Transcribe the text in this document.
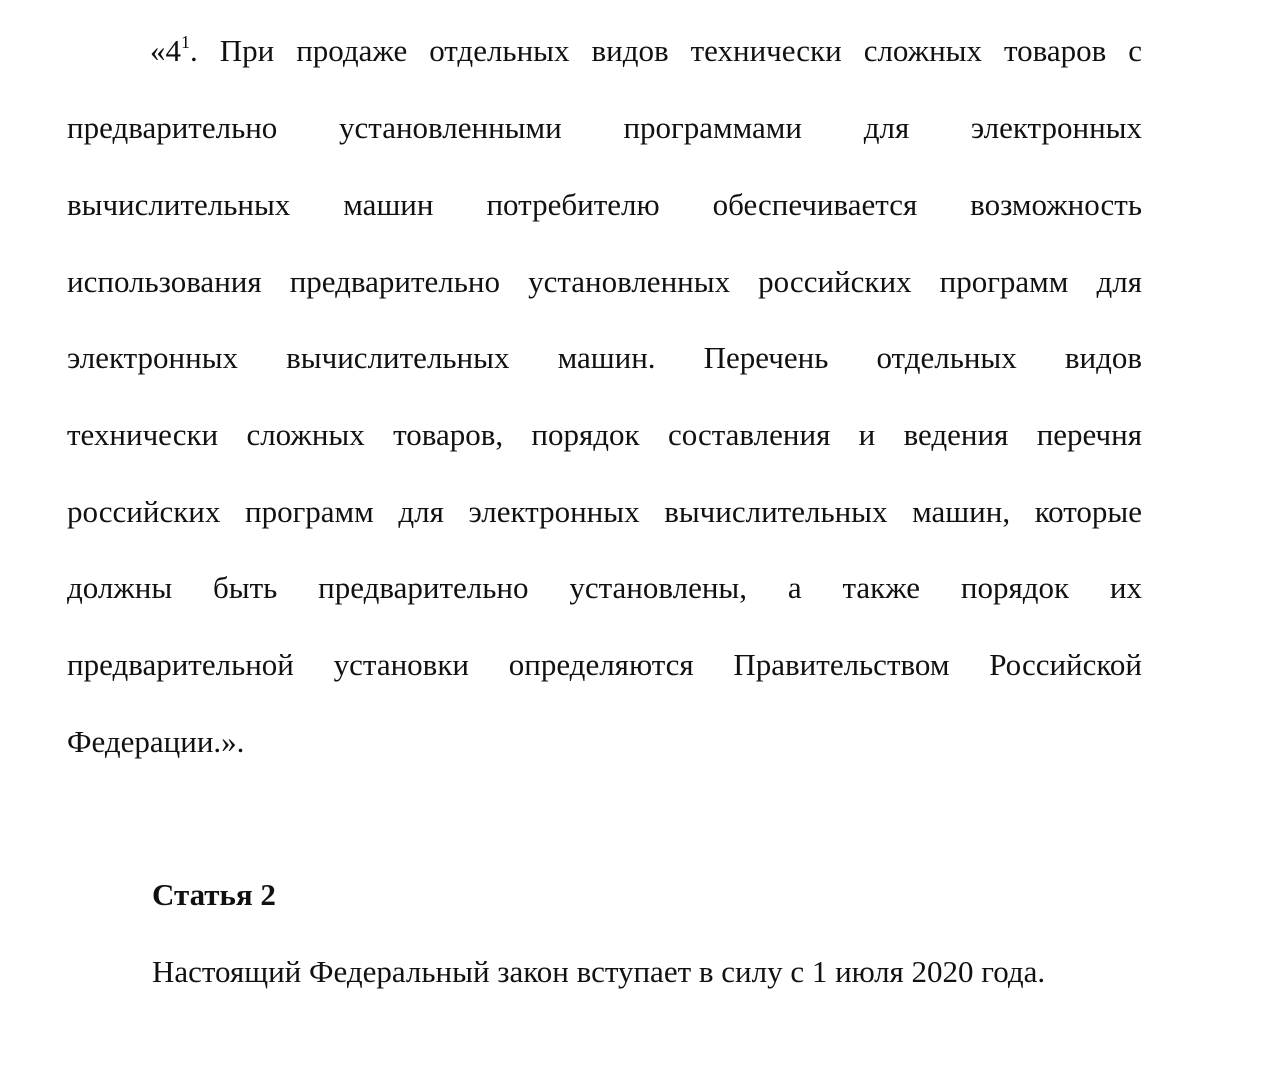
«$4^1$. При продаже отдельных видов технически сложных товаров с
предварительно установленными программами для электронных
вычислительных машин потребителю обеспечивается возможность
использования предварительно установленных российских программ для
электронных вычислительных машин. Перечень отдельных видов
технически сложных товаров, порядок составления и ведения перечня
российских программ для электронных вычислительных машин, которые
должны быть предварительно установлены, а также порядок их
предварительной установки определяются Правительством Российской
Федерации.».
Статья 2
Настоящий Федеральный закон вступает в силу с 1 июля 2020 года.
